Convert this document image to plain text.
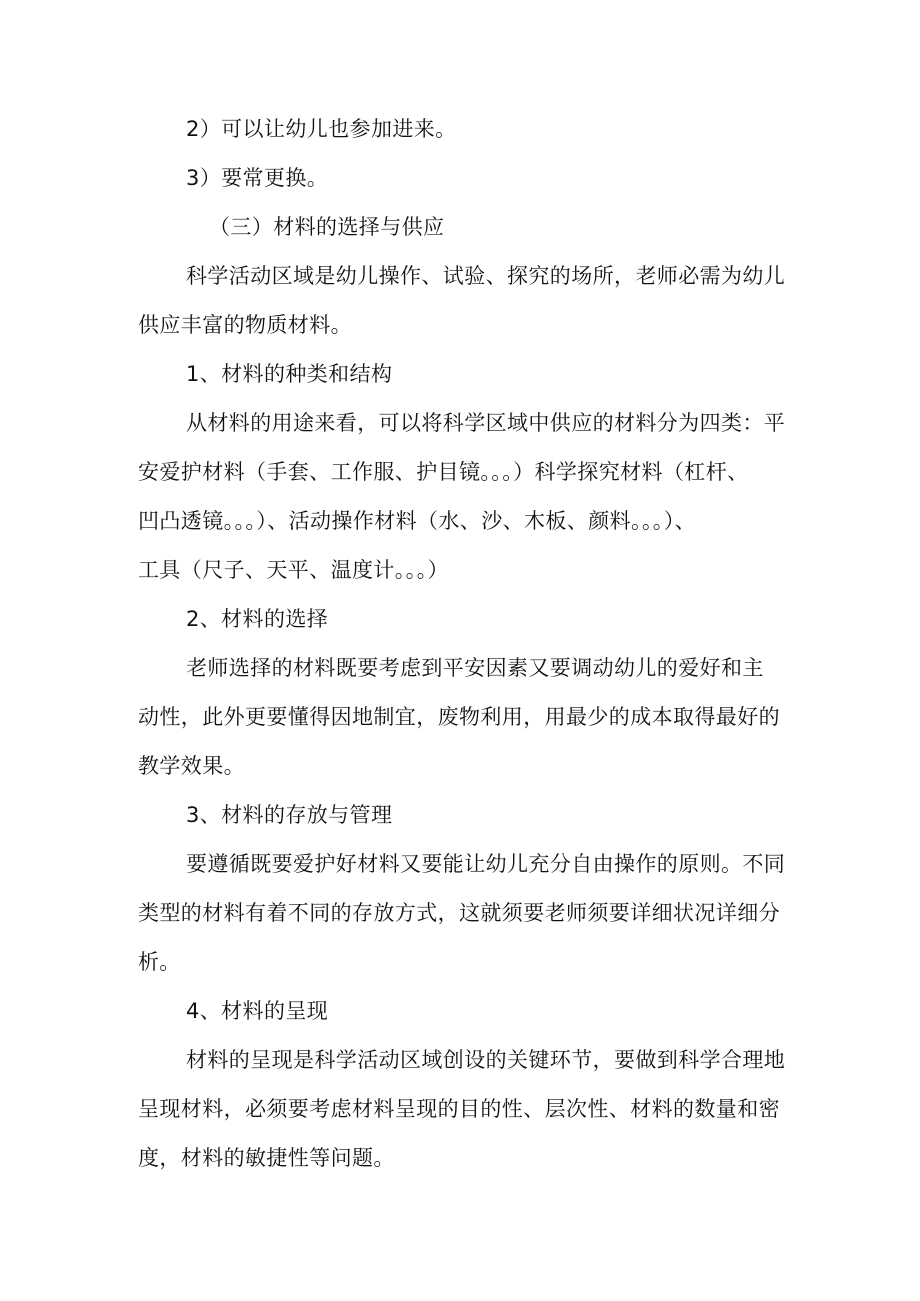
2）可以让幼儿也参加进来。
3）要常更换。
（三）材料的选择与供应
科学活动区域是幼儿操作、试验、探究的场所，老师必需为幼儿
供应丰富的物质材料。
1、材料的种类和结构
从材料的用途来看，可以将科学区域中供应的材料分为四类：平
安爱护材料（手套、工作服、护目镜。。。）科学探究材料（杠杆、
凹凸透镜。。。）、活动操作材料（水、沙、木板、颜料。。。）、
工具（尺子、天平、温度计。。。）
2、材料的选择
老师选择的材料既要考虑到平安因素又要调动幼儿的爱好和主
动性，此外更要懂得因地制宜，废物利用，用最少的成本取得最好的
教学效果。
3、材料的存放与管理
要遵循既要爱护好材料又要能让幼儿充分自由操作的原则。不同
类型的材料有着不同的存放方式，这就须要老师须要详细状况详细分
析。
4、材料的呈现
材料的呈现是科学活动区域创设的关键环节，要做到科学合理地
呈现材料，必须要考虑材料呈现的目的性、层次性、材料的数量和密
度，材料的敏捷性等问题。
